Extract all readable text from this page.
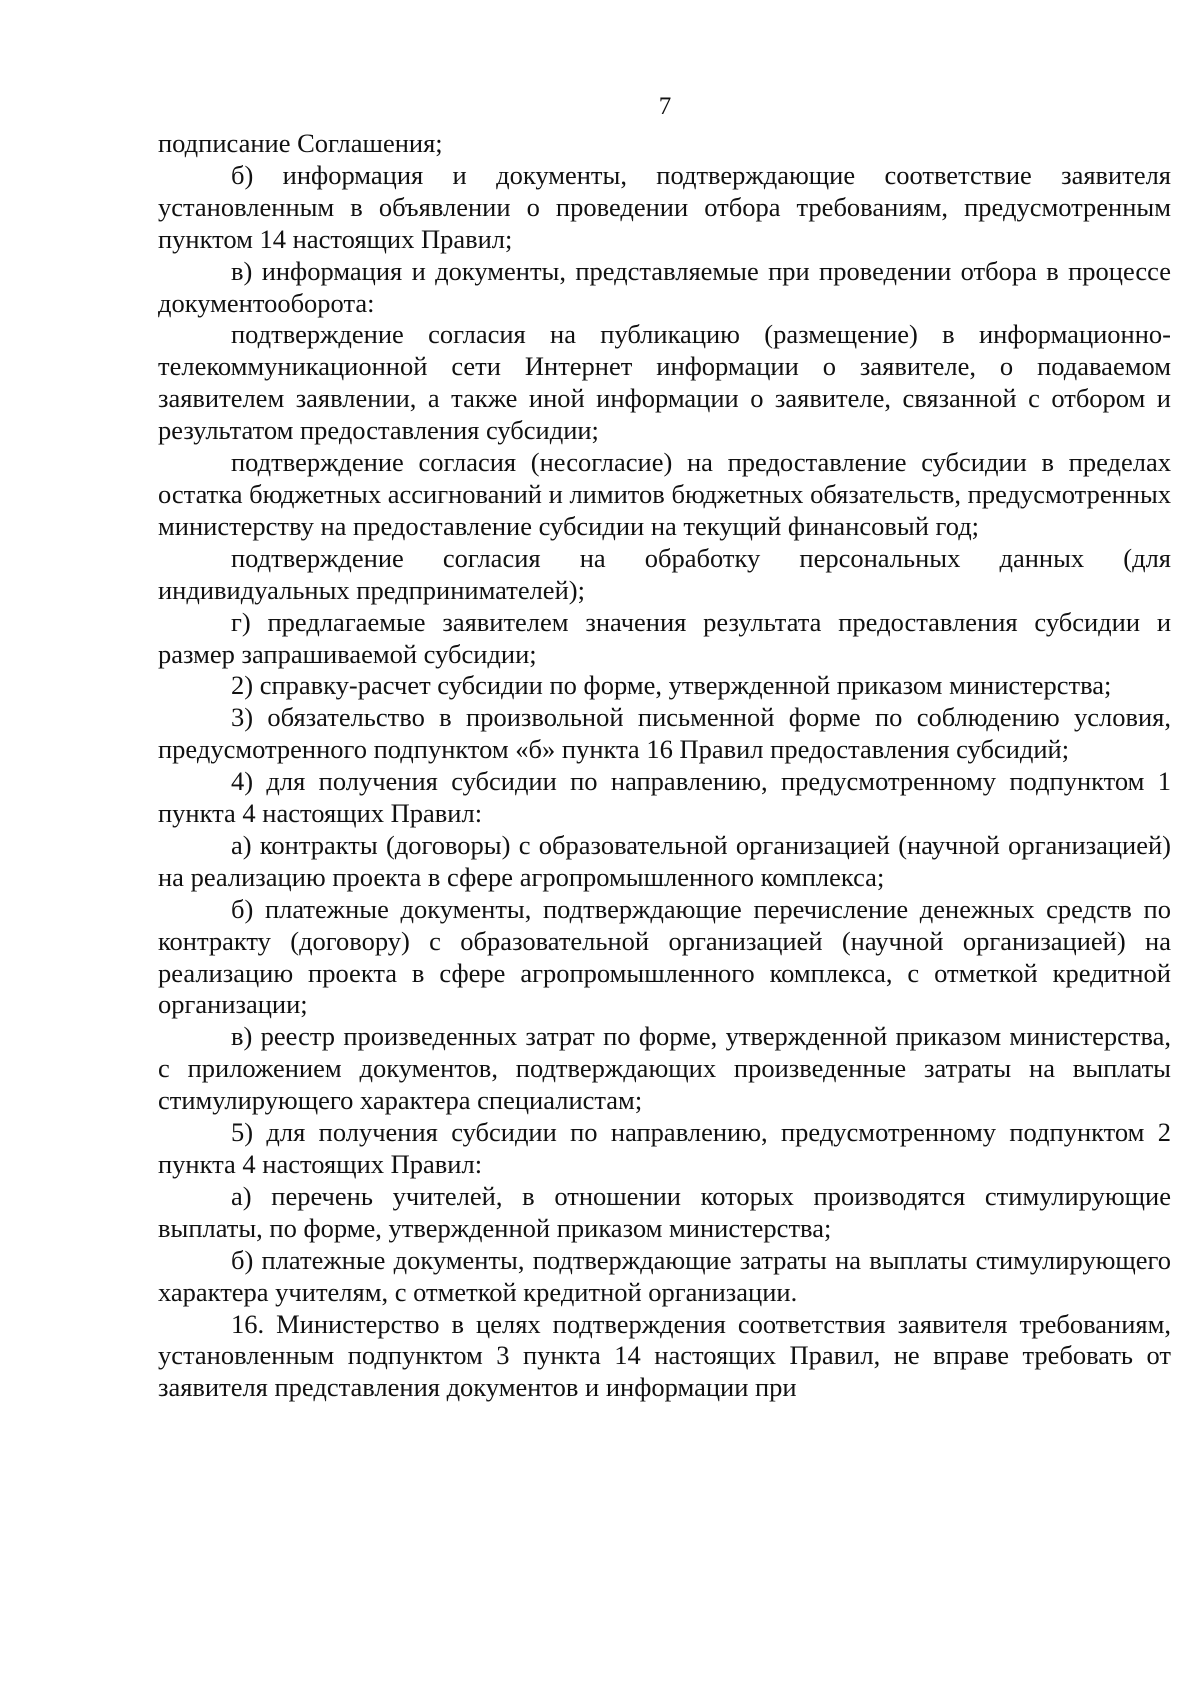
7

подписание Соглашения;

б) информация и документы, подтверждающие соответствие заявителя установленным в объявлении о проведении отбора требованиям, предусмотренным пунктом 14 настоящих Правил;

в) информация и документы, представляемые при проведении отбора в процессе документооборота:

подтверждение согласия на публикацию (размещение) в информационно-телекоммуникационной сети Интернет информации о заявителе, о подаваемом заявителем заявлении, а также иной информации о заявителе, связанной с отбором и результатом предоставления субсидии;

подтверждение согласия (несогласие) на предоставление субсидии в пределах остатка бюджетных ассигнований и лимитов бюджетных обязательств, предусмотренных министерству на предоставление субсидии на текущий финансовый год;

подтверждение согласия на обработку персональных данных (для индивидуальных предпринимателей);

г) предлагаемые заявителем значения результата предоставления субсидии и размер запрашиваемой субсидии;

2) справку-расчет субсидии по форме, утвержденной приказом министерства;

3) обязательство в произвольной письменной форме по соблюдению условия, предусмотренного подпунктом «б» пункта 16 Правил предоставления субсидий;

4) для получения субсидии по направлению, предусмотренному подпунктом 1 пункта 4 настоящих Правил:

а) контракты (договоры) с образовательной организацией (научной организацией) на реализацию проекта в сфере агропромышленного комплекса;

б) платежные документы, подтверждающие перечисление денежных средств по контракту (договору) с образовательной организацией (научной организацией) на реализацию проекта в сфере агропромышленного комплекса, с отметкой кредитной организации;

в) реестр произведенных затрат по форме, утвержденной приказом министерства, с приложением документов, подтверждающих произведенные затраты на выплаты стимулирующего характера специалистам;

5) для получения субсидии по направлению, предусмотренному подпунктом 2 пункта 4 настоящих Правил:

а) перечень учителей, в отношении которых производятся стимулирующие выплаты, по форме, утвержденной приказом министерства;

б) платежные документы, подтверждающие затраты на выплаты стимулирующего характера учителям, с отметкой кредитной организации.

16. Министерство в целях подтверждения соответствия заявителя требованиям, установленным подпунктом 3 пункта 14 настоящих Правил, не вправе требовать от заявителя представления документов и информации при
